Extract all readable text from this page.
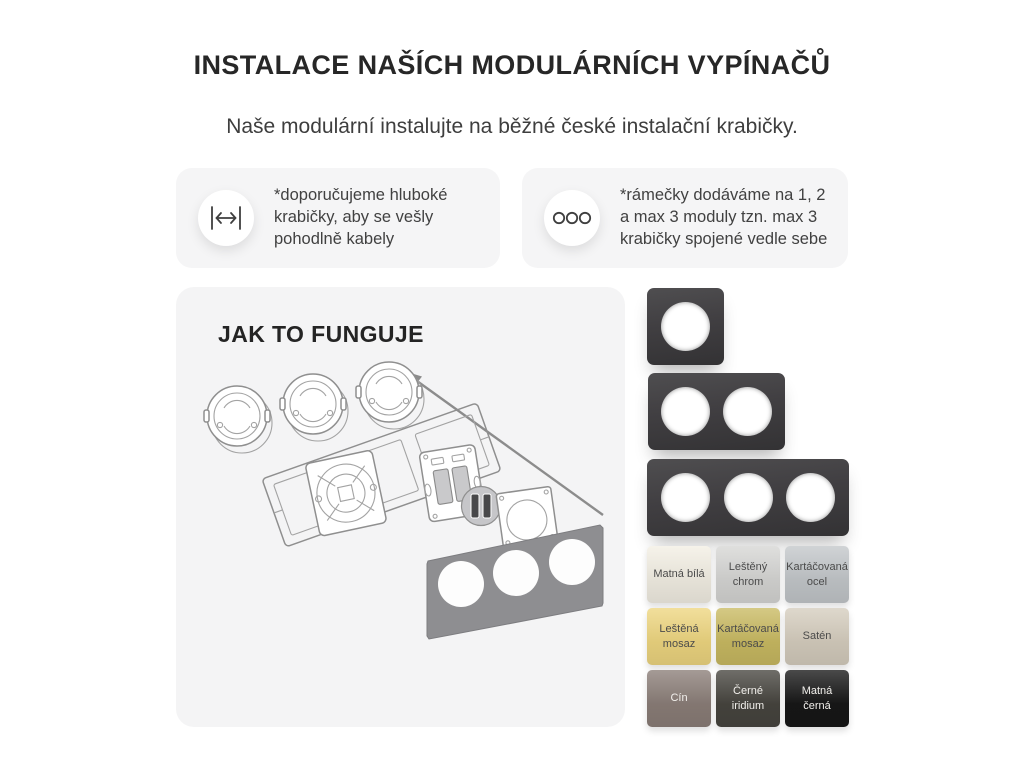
INSTALACE NAŠÍCH MODULÁRNÍCH VYPÍNAČŮ
Naše modulární instalujte na běžné české instalační krabičky.
*doporučujeme hluboké krabičky, aby se vešly pohodlně kabely
*rámečky dodáváme na 1, 2 a max 3 moduly tzn. max 3 krabičky spojené vedle sebe
JAK TO FUNGUJE
Matná bílá
Leštěný chrom
Kartáčovaná ocel
Leštěná mosaz
Kartáčovaná mosaz
Satén
Cín
Černé iridium
Matná černá
